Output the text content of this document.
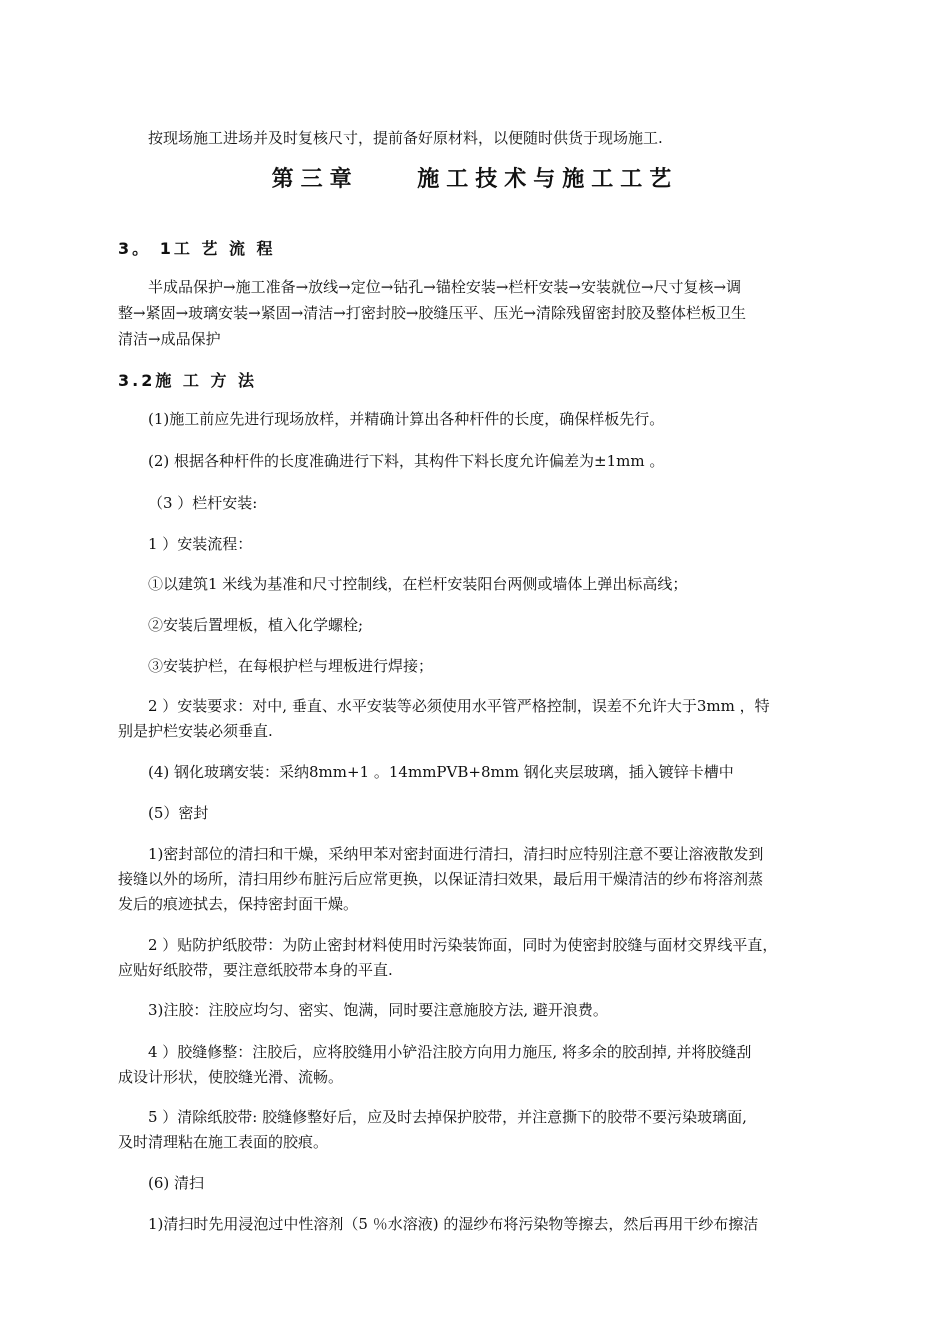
按现场施工进场并及时复核尺寸，提前备好原材料，以便随时供货于现场施工.
第三章    施工技术与施工工艺
3。 1工 艺 流 程
半成品保护→施工准备→放线→定位→钻孔→锚栓安装→栏杆安装→安装就位→尺寸复核→调
整→紧固→玻璃安装→紧固→清洁→打密封胶→胶缝压平、压光→清除残留密封胶及整体栏板卫生
清洁→成品保护
3.2施 工 方 法
(1)施工前应先进行现场放样，并精确计算出各种杆件的长度，确保样板先行。
(2) 根据各种杆件的长度准确进行下料，其构件下料长度允许偏差为±1mm 。
（3 ）栏杆安装:
1 ）安装流程：
①以建筑1 米线为基准和尺寸控制线，在栏杆安装阳台两侧或墙体上弹出标高线；
②安装后置埋板，植入化学螺栓;
③安装护栏，在每根护栏与埋板进行焊接；
2 ）安装要求：对中, 垂直、水平安装等必须使用水平管严格控制，误差不允许大于3mm ，特
别是护栏安装必须垂直.
(4) 钢化玻璃安装：采纳8mm+1 。14mmPVB+8mm 钢化夹层玻璃，插入镀锌卡槽中
(5）密封
1)密封部位的清扫和干燥，采纳甲苯对密封面进行清扫，清扫时应特别注意不要让溶液散发到
接缝以外的场所，清扫用纱布脏污后应常更换，以保证清扫效果，最后用干燥清洁的纱布将溶剂蒸
发后的痕迹拭去，保持密封面干燥。
2 ）贴防护纸胶带：为防止密封材料使用时污染装饰面，同时为使密封胶缝与面材交界线平直，
应贴好纸胶带，要注意纸胶带本身的平直.
3)注胶：注胶应均匀、密实、饱满，同时要注意施胶方法, 避开浪费。
4 ）胶缝修整：注胶后，应将胶缝用小铲沿注胶方向用力施压, 将多余的胶刮掉, 并将胶缝刮
成设计形状，使胶缝光滑、流畅。
5 ）清除纸胶带: 胶缝修整好后，应及时去掉保护胶带，并注意撕下的胶带不要污染玻璃面,
及时清理粘在施工表面的胶痕。
(6) 清扫
1)清扫时先用浸泡过中性溶剂（5 ％水溶液) 的湿纱布将污染物等擦去，然后再用干纱布擦洁
